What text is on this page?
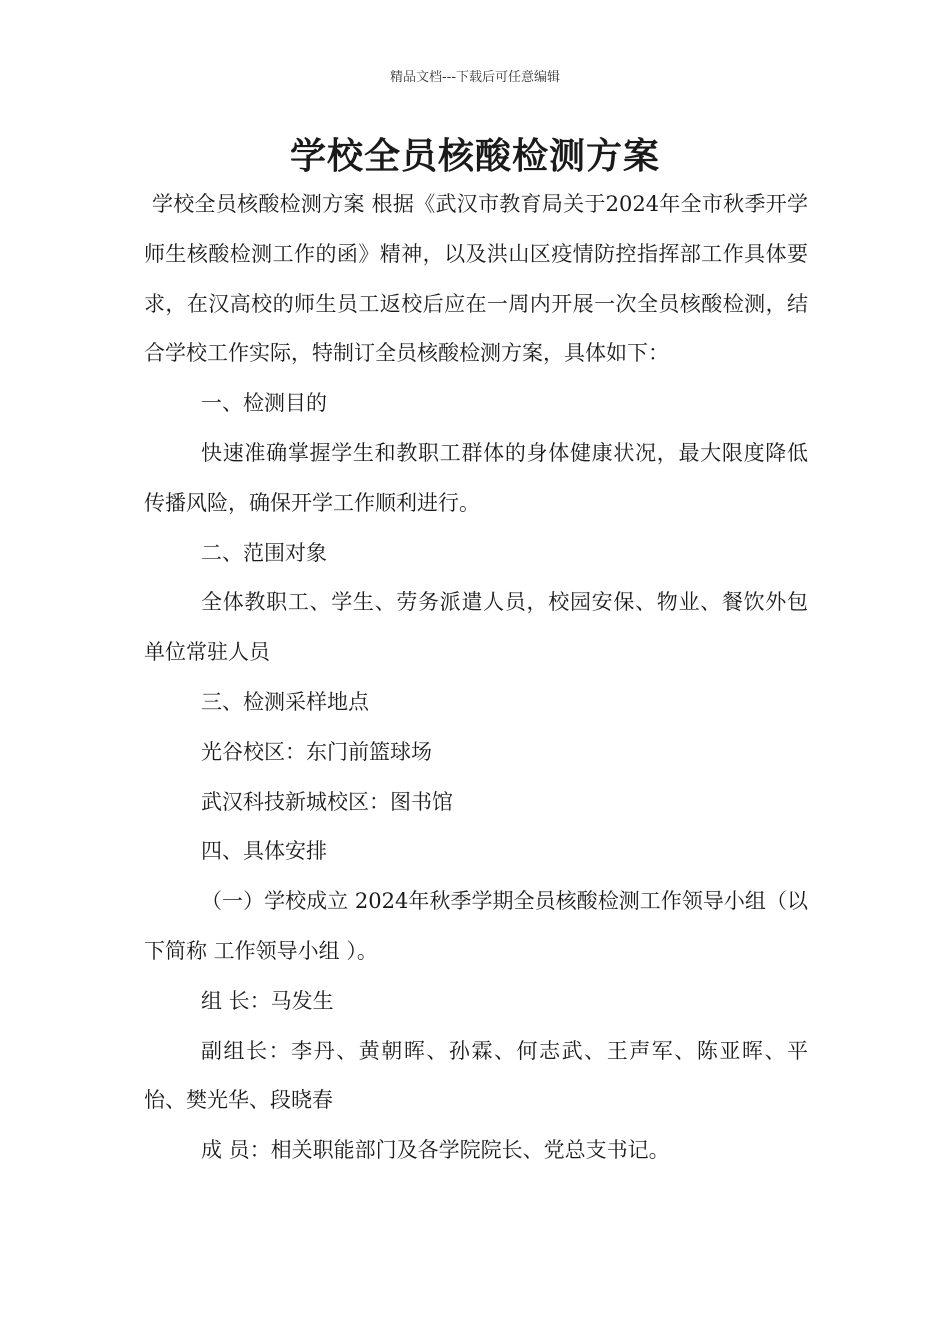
精品文档---下载后可任意编辑
学校全员核酸检测方案

学校全员核酸检测方案 根据《武汉市教育局关于2024年全市秋季开学师生核酸检测工作的函》精神，以及洪山区疫情防控指挥部工作具体要求，在汉高校的师生员工返校后应在一周内开展一次全员核酸检测，结合学校工作实际，特制订全员核酸检测方案，具体如下：

一、检测目的

快速准确掌握学生和教职工群体的身体健康状况，最大限度降低传播风险，确保开学工作顺利进行。

二、范围对象

全体教职工、学生、劳务派遣人员，校园安保、物业、餐饮外包单位常驻人员

三、检测采样地点

光谷校区：东门前篮球场

武汉科技新城校区：图书馆

四、具体安排

（一）学校成立 2024年秋季学期全员核酸检测工作领导小组（以下简称 工作领导小组 ）。

组 长：马发生

副组长：李丹、黄朝晖、孙霖、何志武、王声军、陈亚晖、平怡、樊光华、段晓春

成 员：相关职能部门及各学院院长、党总支书记。
